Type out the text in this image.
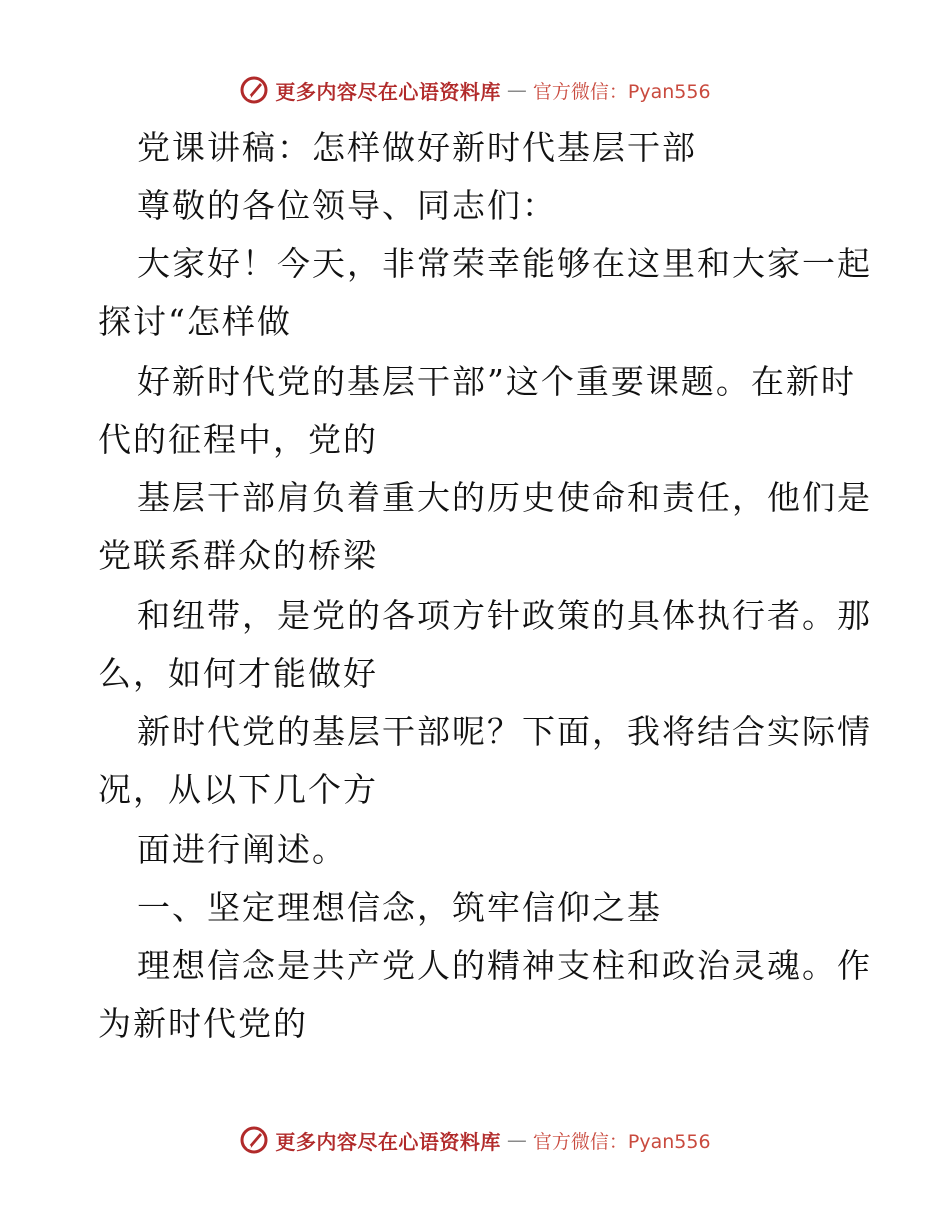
更多内容尽在心语资料库 — 官方微信：Pyan556
党课讲稿：怎样做好新时代基层干部
尊敬的各位领导、同志们：
大家好！今天，非常荣幸能够在这里和大家一起
探讨“怎样做
好新时代党的基层干部”这个重要课题。在新时
代的征程中，党的
基层干部肩负着重大的历史使命和责任，他们是
党联系群众的桥梁
和纽带，是党的各项方针政策的具体执行者。那
么，如何才能做好
新时代党的基层干部呢？下面，我将结合实际情
况，从以下几个方
面进行阐述。
一、坚定理想信念，筑牢信仰之基
理想信念是共产党人的精神支柱和政治灵魂。作
为新时代党的
更多内容尽在心语资料库 — 官方微信：Pyan556
